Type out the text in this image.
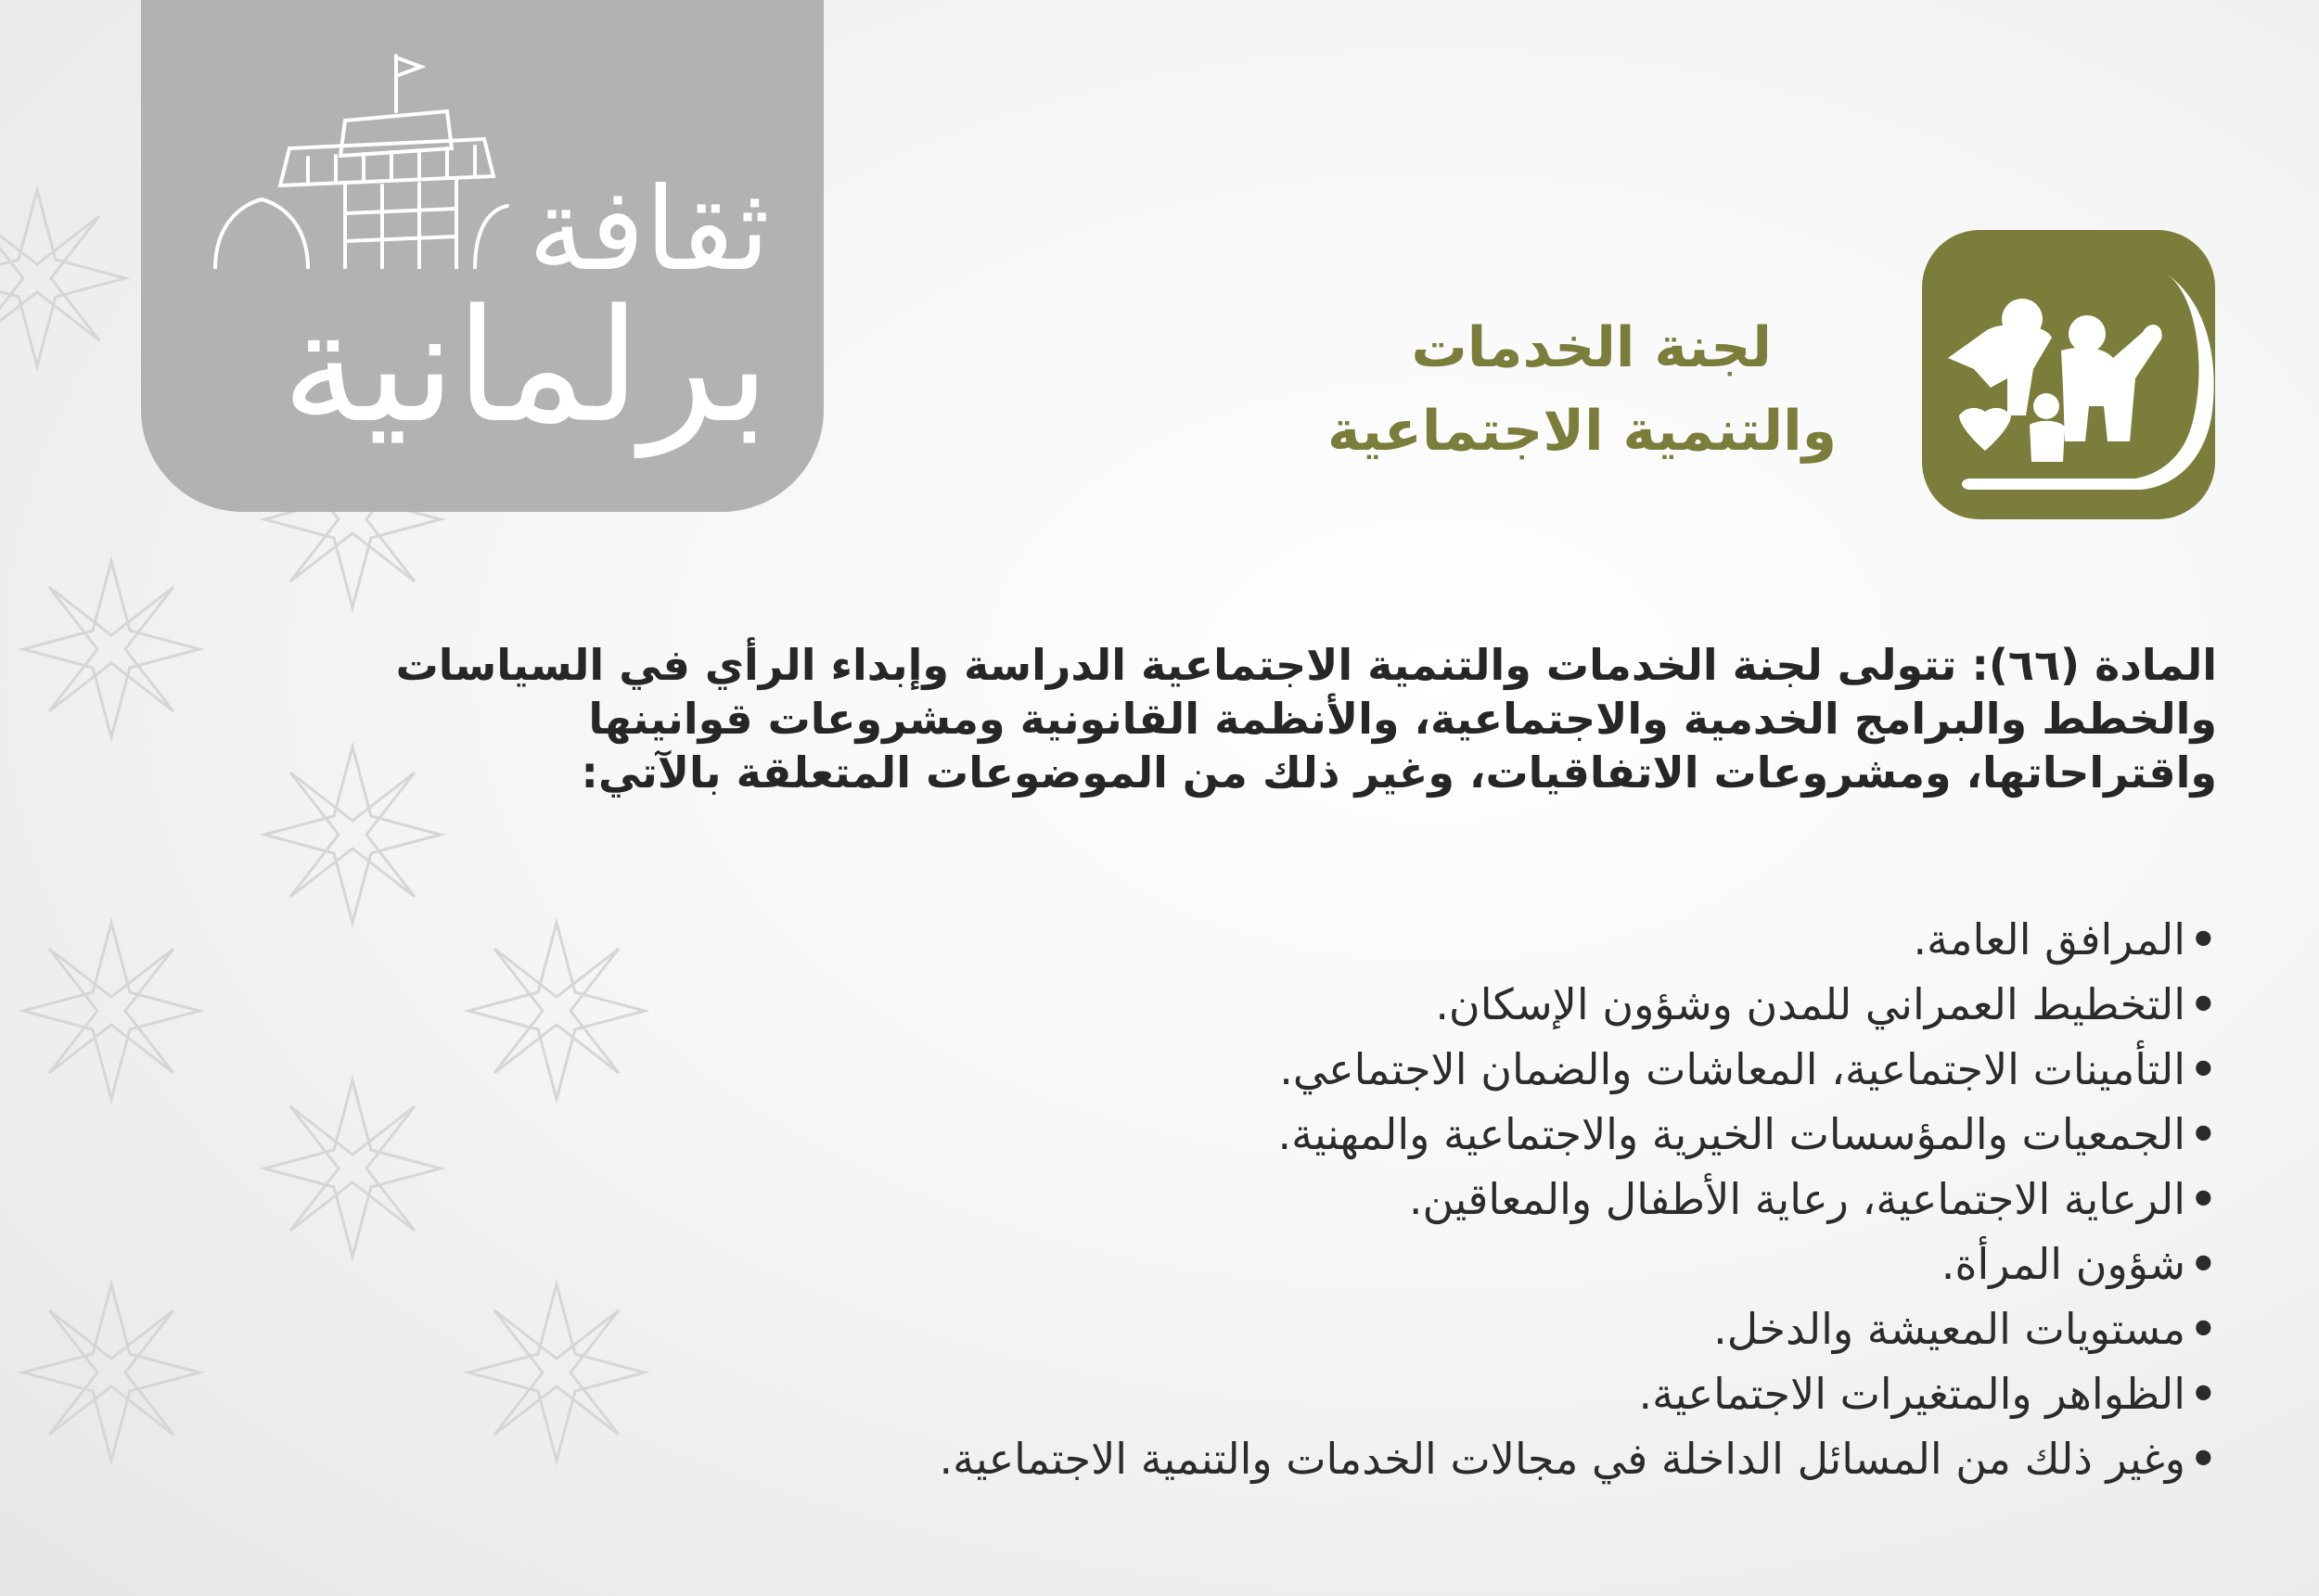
ثقافة
برلمانية	لجنة الخدمات
والتنمية الاجتماعية
المادة (٦٦): تتولى لجنة الخدمات والتنمية الاجتماعية الدراسة وإبداء الرأي في السياسات
والخطط والبرامج الخدمية والاجتماعية، والأنظمة القانونية ومشروعات قوانينها
واقتراحاتها، ومشروعات الاتفاقيات، وغير ذلك من الموضوعات المتعلقة بالآتي:
•المرافق العامة.
•التخطيط العمراني للمدن وشؤون الإسكان.
•التأمينات الاجتماعية، المعاشات والضمان الاجتماعي.
•الجمعيات والمؤسسات الخيرية والاجتماعية والمهنية.
•الرعاية الاجتماعية، رعاية الأطفال والمعاقين.
•شؤون المرأة.
•مستويات المعيشة والدخل.
•الظواهر والمتغيرات الاجتماعية.
•وغير ذلك من المسائل الداخلة في مجالات الخدمات والتنمية الاجتماعية.
